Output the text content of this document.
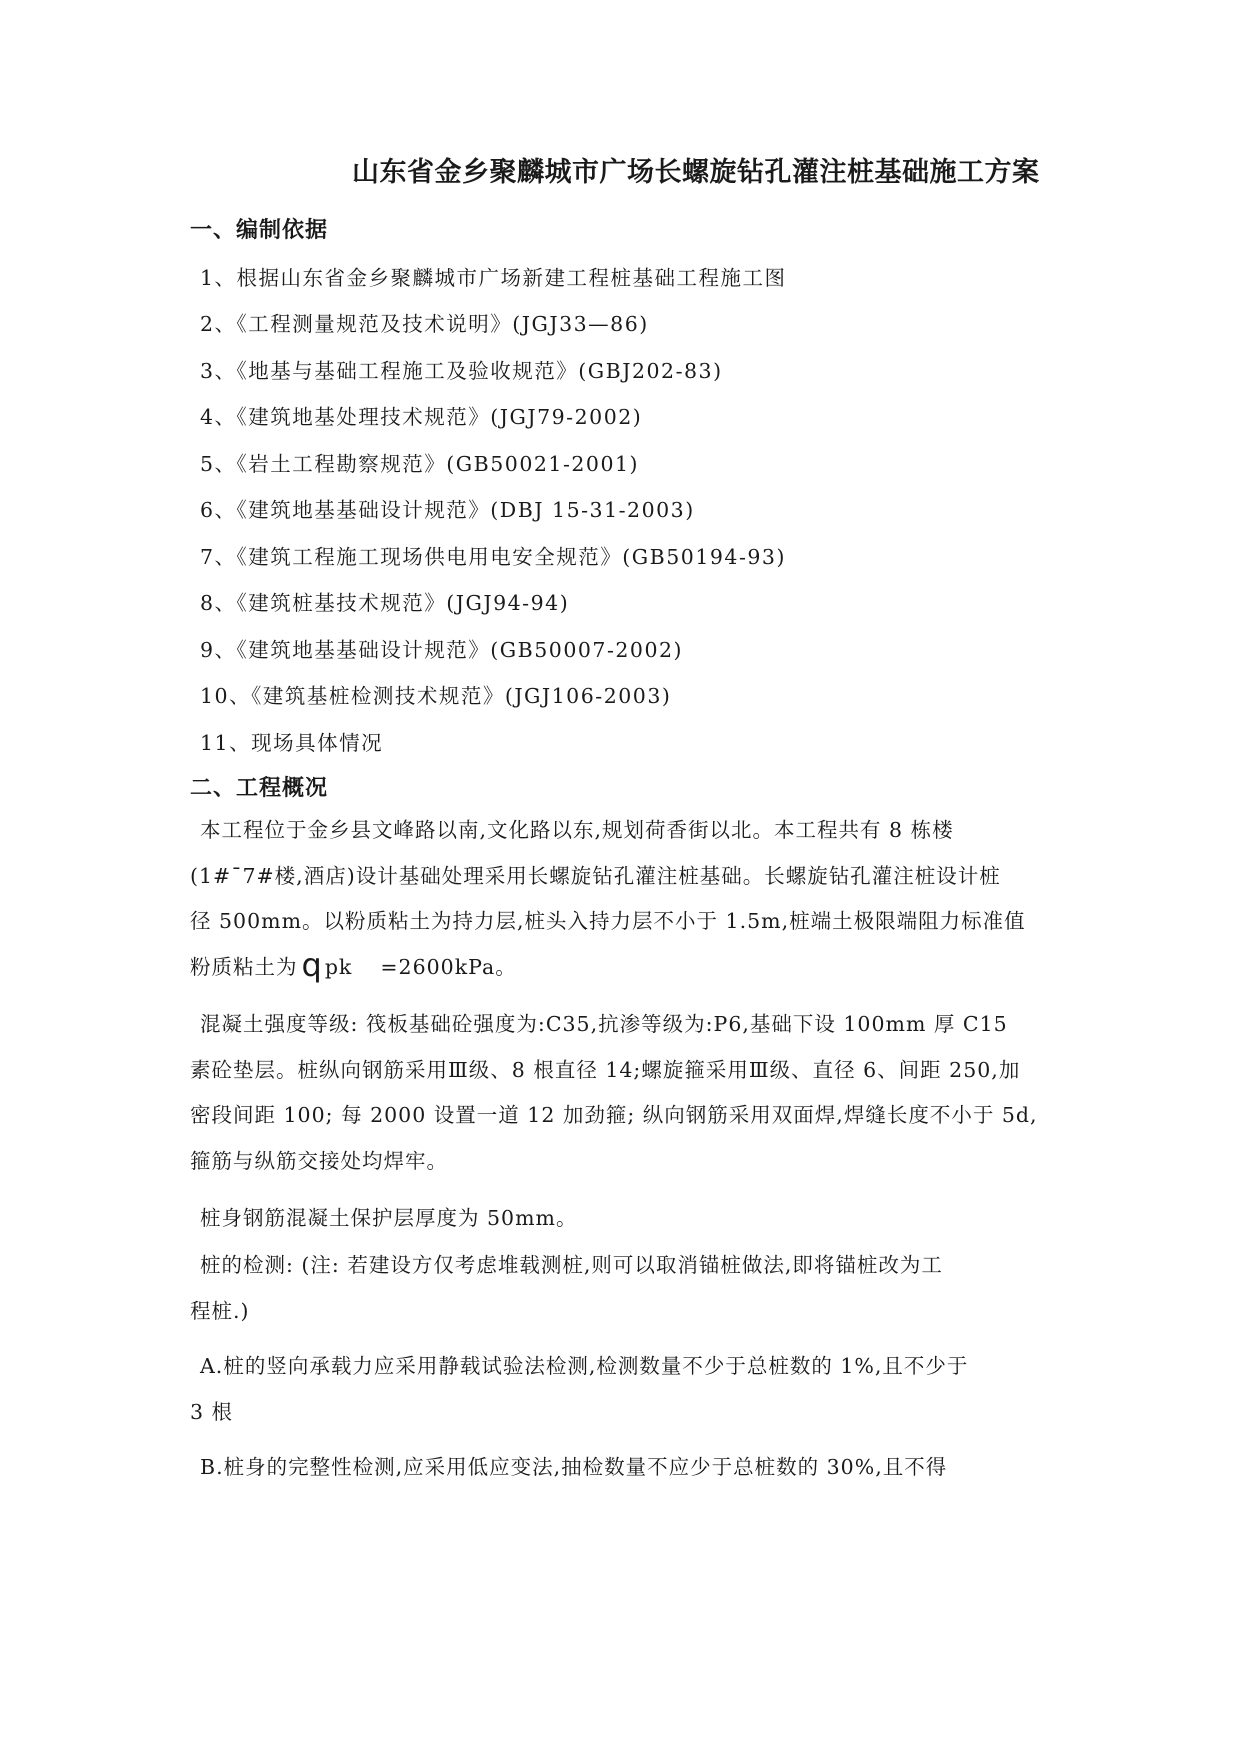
山东省金乡聚麟城市广场长螺旋钻孔灌注桩基础施工方案
一、编制依据
1、根据山东省金乡聚麟城市广场新建工程桩基础工程施工图
2、《工程测量规范及技术说明》(JGJ33—86)
3、《地基与基础工程施工及验收规范》(GBJ202-83)
4、《建筑地基处理技术规范》(JGJ79-2002)
5、《岩土工程勘察规范》(GB50021-2001)
6、《建筑地基基础设计规范》(DBJ 15-31-2003)
7、《建筑工程施工现场供电用电安全规范》(GB50194-93)
8、《建筑桩基技术规范》(JGJ94-94)
9、《建筑地基基础设计规范》(GB50007-2002)
10、《建筑基桩检测技术规范》(JGJ106-2003)
11、现场具体情况
二、工程概况
本工程位于金乡县文峰路以南,文化路以东,规划荷香街以北。本工程共有 8 栋楼
(1#¯7#楼,酒店)设计基础处理采用长螺旋钻孔灌注桩基础。长螺旋钻孔灌注桩设计桩
径 500mm。以粉质粘土为持力层,桩头入持力层不小于 1.5m,桩端土极限端阻力标准值
粉质粘土为 qpk =2600kPa。
混凝土强度等级: 筏板基础砼强度为:C35,抗渗等级为:P6,基础下设 100mm 厚 C15
素砼垫层。桩纵向钢筋采用Ⅲ级、8 根直径 14;螺旋箍采用Ⅲ级、直径 6、间距 250,加
密段间距 100; 每 2000 设置一道 12 加劲箍; 纵向钢筋采用双面焊,焊缝长度不小于 5d,
箍筋与纵筋交接处均焊牢。
桩身钢筋混凝土保护层厚度为 50mm。
桩的检测: (注: 若建设方仅考虑堆载测桩,则可以取消锚桩做法,即将锚桩改为工
程桩.)
A.桩的竖向承载力应采用静载试验法检测,检测数量不少于总桩数的 1%,且不少于
3 根
B.桩身的完整性检测,应采用低应变法,抽检数量不应少于总桩数的 30%,且不得
